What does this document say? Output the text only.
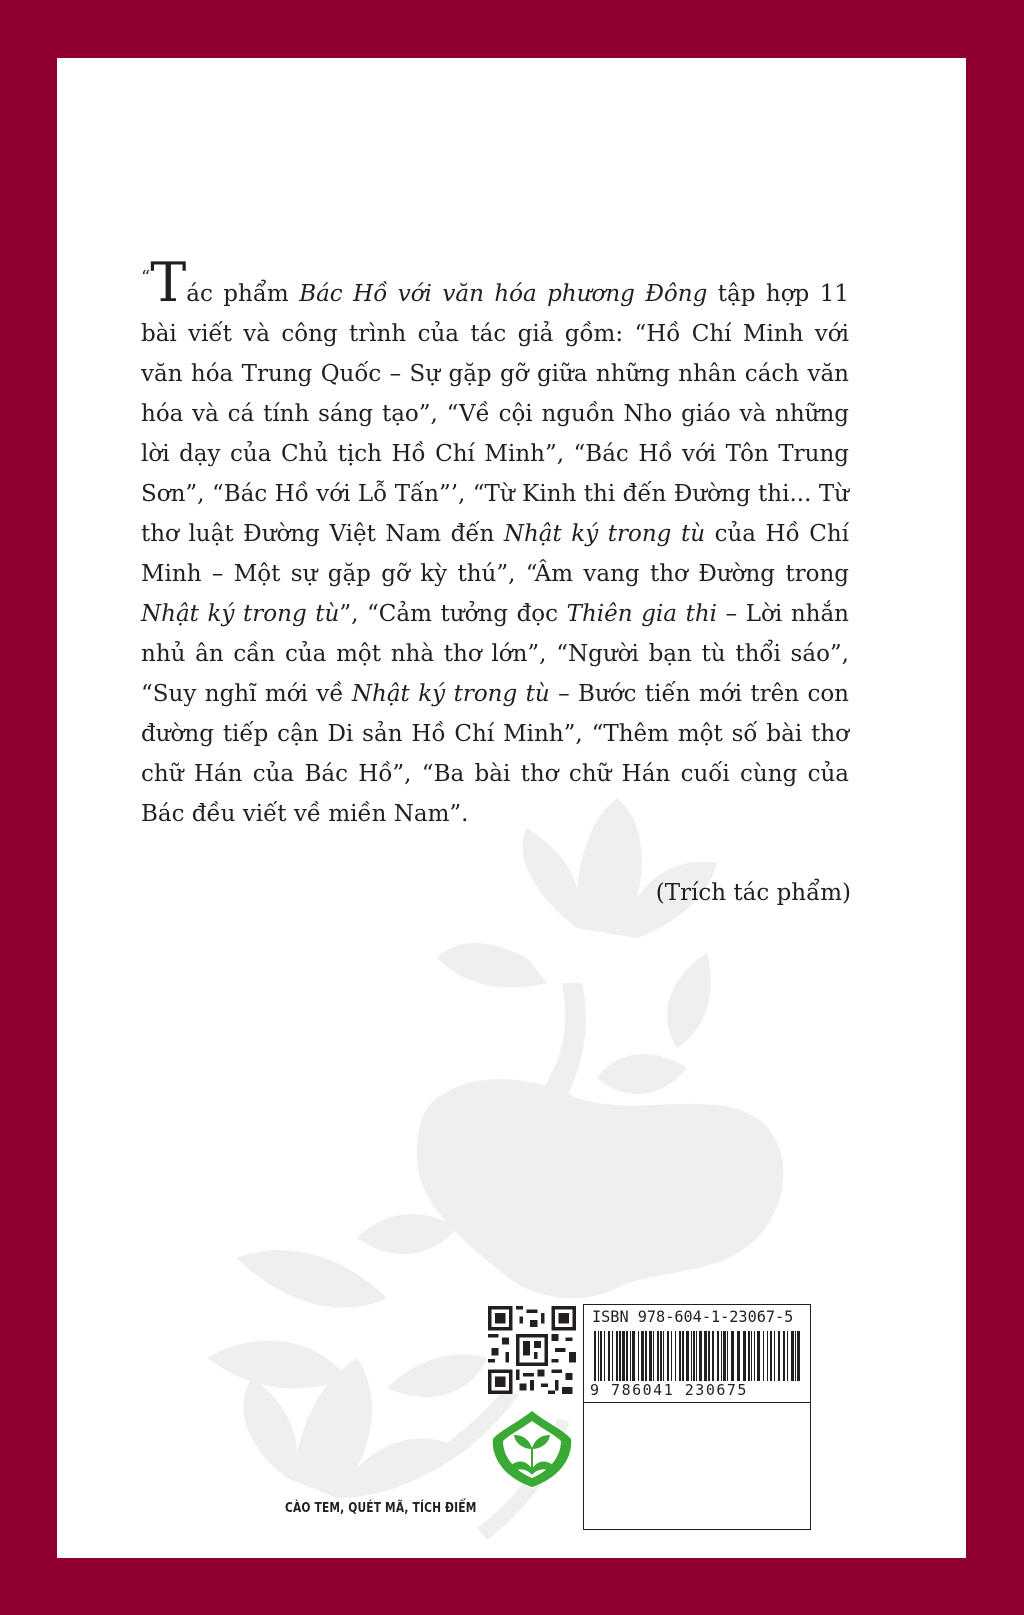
“Tác phẩm Bác Hồ với văn hóa phương Đông tập hợp 11 bài viết và công trình của tác giả gồm: “Hồ Chí Minh với văn hóa Trung Quốc – Sự gặp gỡ giữa những nhân cách văn hóa và cá tính sáng tạo”, “Về cội nguồn Nho giáo và những lời dạy của Chủ tịch Hồ Chí Minh”, “Bác Hồ với Tôn Trung Sơn”, “Bác Hồ với Lỗ Tấn”’, “Từ Kinh thi đến Đường thi... Từ thơ luật Đường Việt Nam đến Nhật ký trong tù của Hồ Chí Minh – Một sự gặp gỡ kỳ thú”, “Âm vang thơ Đường trong Nhật ký trong tù”, “Cảm tưởng đọc Thiên gia thi – Lời nhắn nhủ ân cần của một nhà thơ lớn”, “Người bạn tù thổi sáo”, “Suy nghĩ mới về Nhật ký trong tù – Bước tiến mới trên con đường tiếp cận Di sản Hồ Chí Minh”, “Thêm một số bài thơ chữ Hán của Bác Hồ”, “Ba bài thơ chữ Hán cuối cùng của Bác đều viết về miền Nam”.

(Trích tác phẩm)

CÀO TEM, QUÉT MÃ, TÍCH ĐIỂM
ISBN 978-604-1-23067-5
9 786041 230675
